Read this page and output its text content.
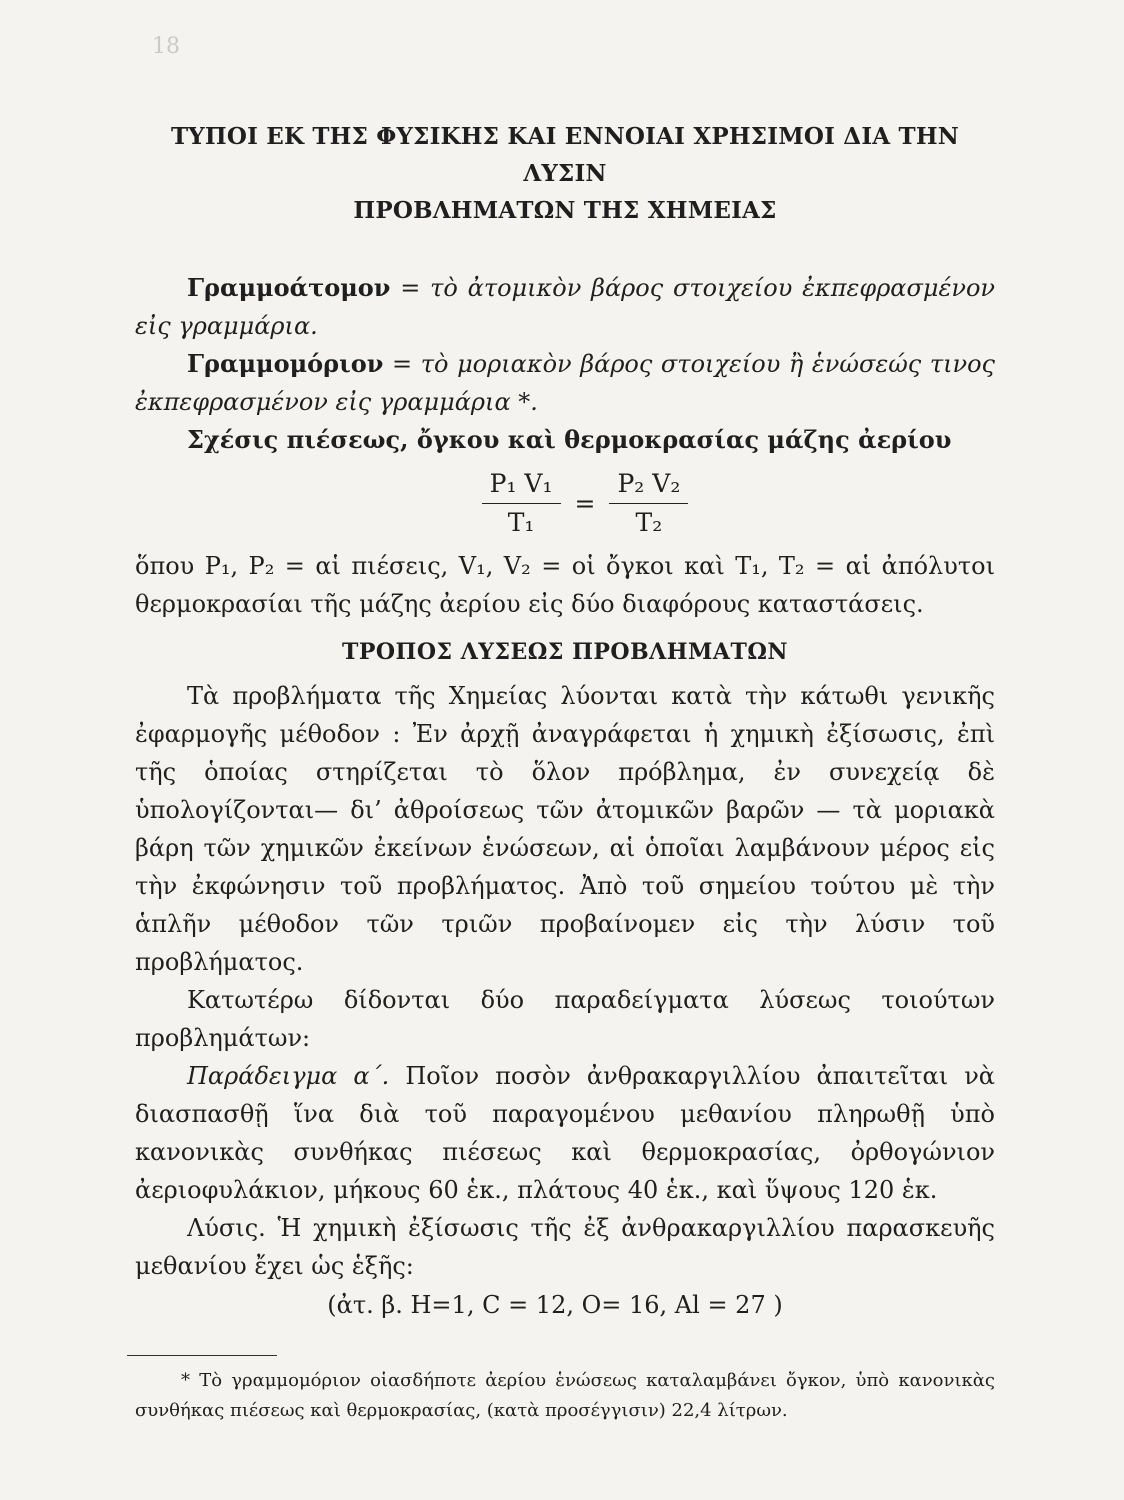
18
ΤΥΠΟΙ ΕΚ ΤΗΣ ΦΥΣΙΚΗΣ ΚΑΙ ΕΝΝΟΙΑΙ ΧΡΗΣΙΜΟΙ ΔΙΑ ΤΗΝ ΛΥΣΙΝ
ΠΡΟΒΛΗΜΑΤΩΝ ΤΗΣ ΧΗΜΕΙΑΣ

Γραμμοάτομον = τὸ ἀτομικὸν βάρος στοιχείου ἐκπεφρασμένον εἰς γραμμάρια.

Γραμμομόριον = τὸ μοριακὸν βάρος στοιχείου ἢ ἑνώσεώς τινος ἐκπεφρασμένον εἰς γραμμάρια *.

Σχέσις πιέσεως, ὄγκου καὶ θερμοκρασίας μάζης ἀερίου

$\frac{\text{P₁ V₁}}{\text{T₁}} = \frac{\text{P₂ V₂}}{\text{T₂}}$

ὅπου P₁, P₂ = αἱ πιέσεις, V₁, V₂ = οἱ ὄγκοι καὶ T₁, T₂ = αἱ ἀπόλυτοι θερμοκρασίαι τῆς μάζης ἀερίου εἰς δύο διαφόρους καταστάσεις.

ΤΡΟΠΟΣ ΛΥΣΕΩΣ ΠΡΟΒΛΗΜΑΤΩΝ

Τὰ προβλήματα τῆς Χημείας λύονται κατὰ τὴν κάτωθι γενικῆς ἐφαρμογῆς μέθοδον : Ἐν ἀρχῇ ἀναγράφεται ἡ χημικὴ ἐξίσωσις, ἐπὶ τῆς ὁποίας στηρίζεται τὸ ὅλον πρόβλημα, ἐν συνεχείᾳ δὲ ὑπολογίζονται— δι’ ἀθροίσεως τῶν ἀτομικῶν βαρῶν — τὰ μοριακὰ βάρη τῶν χημικῶν ἐκείνων ἑνώσεων, αἱ ὁποῖαι λαμβάνουν μέρος εἰς τὴν ἐκφώνησιν τοῦ προβλήματος. Ἀπὸ τοῦ σημείου τούτου μὲ τὴν ἁπλῆν μέθοδον τῶν τριῶν προβαίνομεν εἰς τὴν λύσιν τοῦ προβλήματος.

Κατωτέρω δίδονται δύο παραδείγματα λύσεως τοιούτων προβλημάτων:

Παράδειγμα α΄. Ποῖον ποσὸν ἀνθρακαργιλλίου ἀπαιτεῖται νὰ διασπασθῇ ἵνα διὰ τοῦ παραγομένου μεθανίου πληρωθῇ ὑπὸ κανονικὰς συνθήκας πιέσεως καὶ θερμοκρασίας, ὀρθογώνιον ἀεριοφυλάκιον, μήκους 60 ἑκ., πλάτους 40 ἑκ., καὶ ὕψους 120 ἑκ.

Λύσις. Ἡ χημικὴ ἐξίσωσις τῆς ἐξ ἀνθρακαργιλλίου παρασκευῆς μεθανίου ἔχει ὡς ἑξῆς:

(ἀτ. β. H=1, C = 12, O= 16, Al = 27 )

* Τὸ γραμμομόριον οἱασδήποτε ἀερίου ἑνώσεως καταλαμβάνει ὄγκον, ὑπὸ κανονικὰς συνθήκας πιέσεως καὶ θερμοκρασίας, (κατὰ προσέγγισιν) 22,4 λίτρων.
